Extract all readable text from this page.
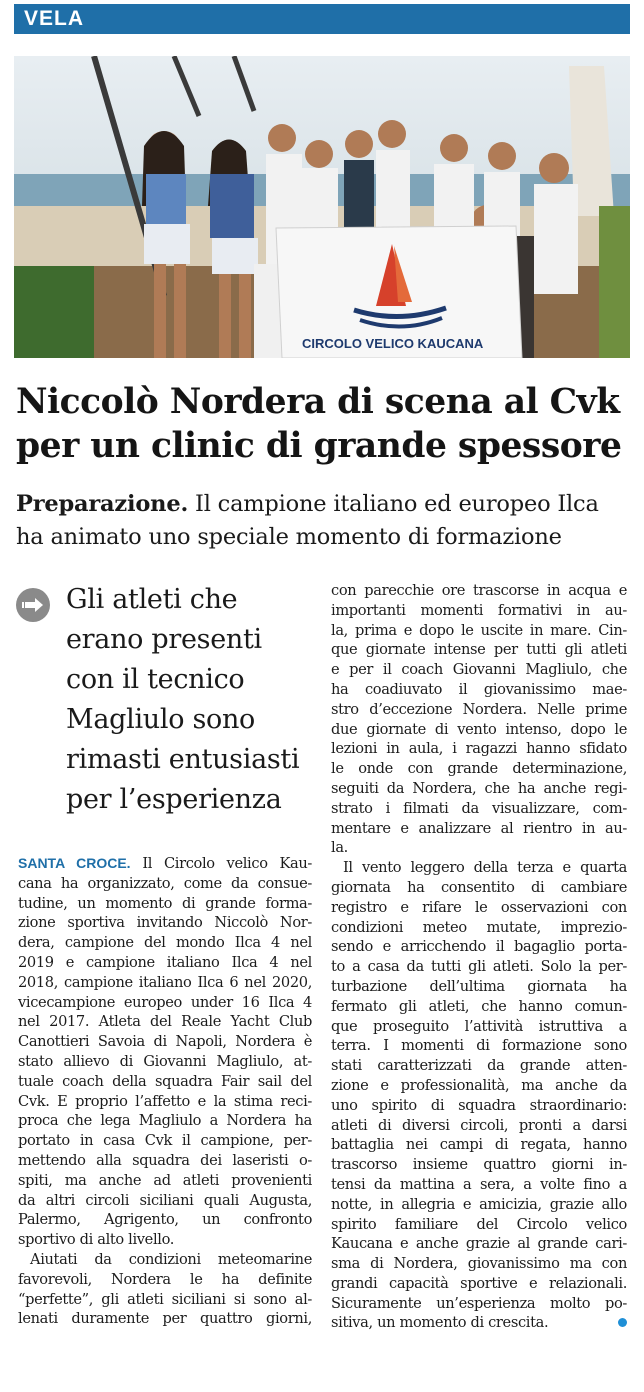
VELA
CIRCOLO VELICO KAUCANA
Niccolò Nordera di scena al Cvk
per un clinic di grande spessore
Preparazione. Il campione italiano ed europeo Ilca
ha animato uno speciale momento di formazione
Gli atleti che
erano presenti
con il tecnico
Magliulo sono
rimasti entusiasti
per l’esperienza
SANTA CROCE. Il Circolo velico Kau-
cana ha organizzato, come da consue-
tudine, un momento di grande forma-
zione sportiva invitando Niccolò Nor-
dera, campione del mondo Ilca 4 nel
2019 e campione italiano Ilca 4 nel
2018, campione italiano Ilca 6 nel 2020,
vicecampione europeo under 16 Ilca 4
nel 2017. Atleta del Reale Yacht Club
Canottieri Savoia di Napoli, Nordera è
stato allievo di Giovanni Magliulo, at-
tuale coach della squadra Fair sail del
Cvk. E proprio l’affetto e la stima reci-
proca che lega Magliulo a Nordera ha
portato in casa Cvk il campione, per-
mettendo alla squadra dei laseristi o-
spiti, ma anche ad atleti provenienti
da altri circoli siciliani quali Augusta,
Palermo, Agrigento, un confronto
sportivo di alto livello.
Aiutati da condizioni meteomarine
favorevoli, Nordera le ha definite
“perfette”, gli atleti siciliani si sono al-
lenati duramente per quattro giorni,
con parecchie ore trascorse in acqua e
importanti momenti formativi in au-
la, prima e dopo le uscite in mare. Cin-
que giornate intense per tutti gli atleti
e per il coach Giovanni Magliulo, che
ha coadiuvato il giovanissimo mae-
stro d’eccezione Nordera. Nelle prime
due giornate di vento intenso, dopo le
lezioni in aula, i ragazzi hanno sfidato
le onde con grande determinazione,
seguiti da Nordera, che ha anche regi-
strato i filmati da visualizzare, com-
mentare e analizzare al rientro in au-
la.
Il vento leggero della terza e quarta
giornata ha consentito di cambiare
registro e rifare le osservazioni con
condizioni meteo mutate, imprezio-
sendo e arricchendo il bagaglio porta-
to a casa da tutti gli atleti. Solo la per-
turbazione dell’ultima giornata ha
fermato gli atleti, che hanno comun-
que proseguito l’attività istruttiva a
terra. I momenti di formazione sono
stati caratterizzati da grande atten-
zione e professionalità, ma anche da
uno spirito di squadra straordinario:
atleti di diversi circoli, pronti a darsi
battaglia nei campi di regata, hanno
trascorso insieme quattro giorni in-
tensi da mattina a sera, a volte fino a
notte, in allegria e amicizia, grazie allo
spirito familiare del Circolo velico
Kaucana e anche grazie al grande cari-
sma di Nordera, giovanissimo ma con
grandi capacità sportive e relazionali.
Sicuramente un’esperienza molto po-
sitiva, un momento di crescita.
